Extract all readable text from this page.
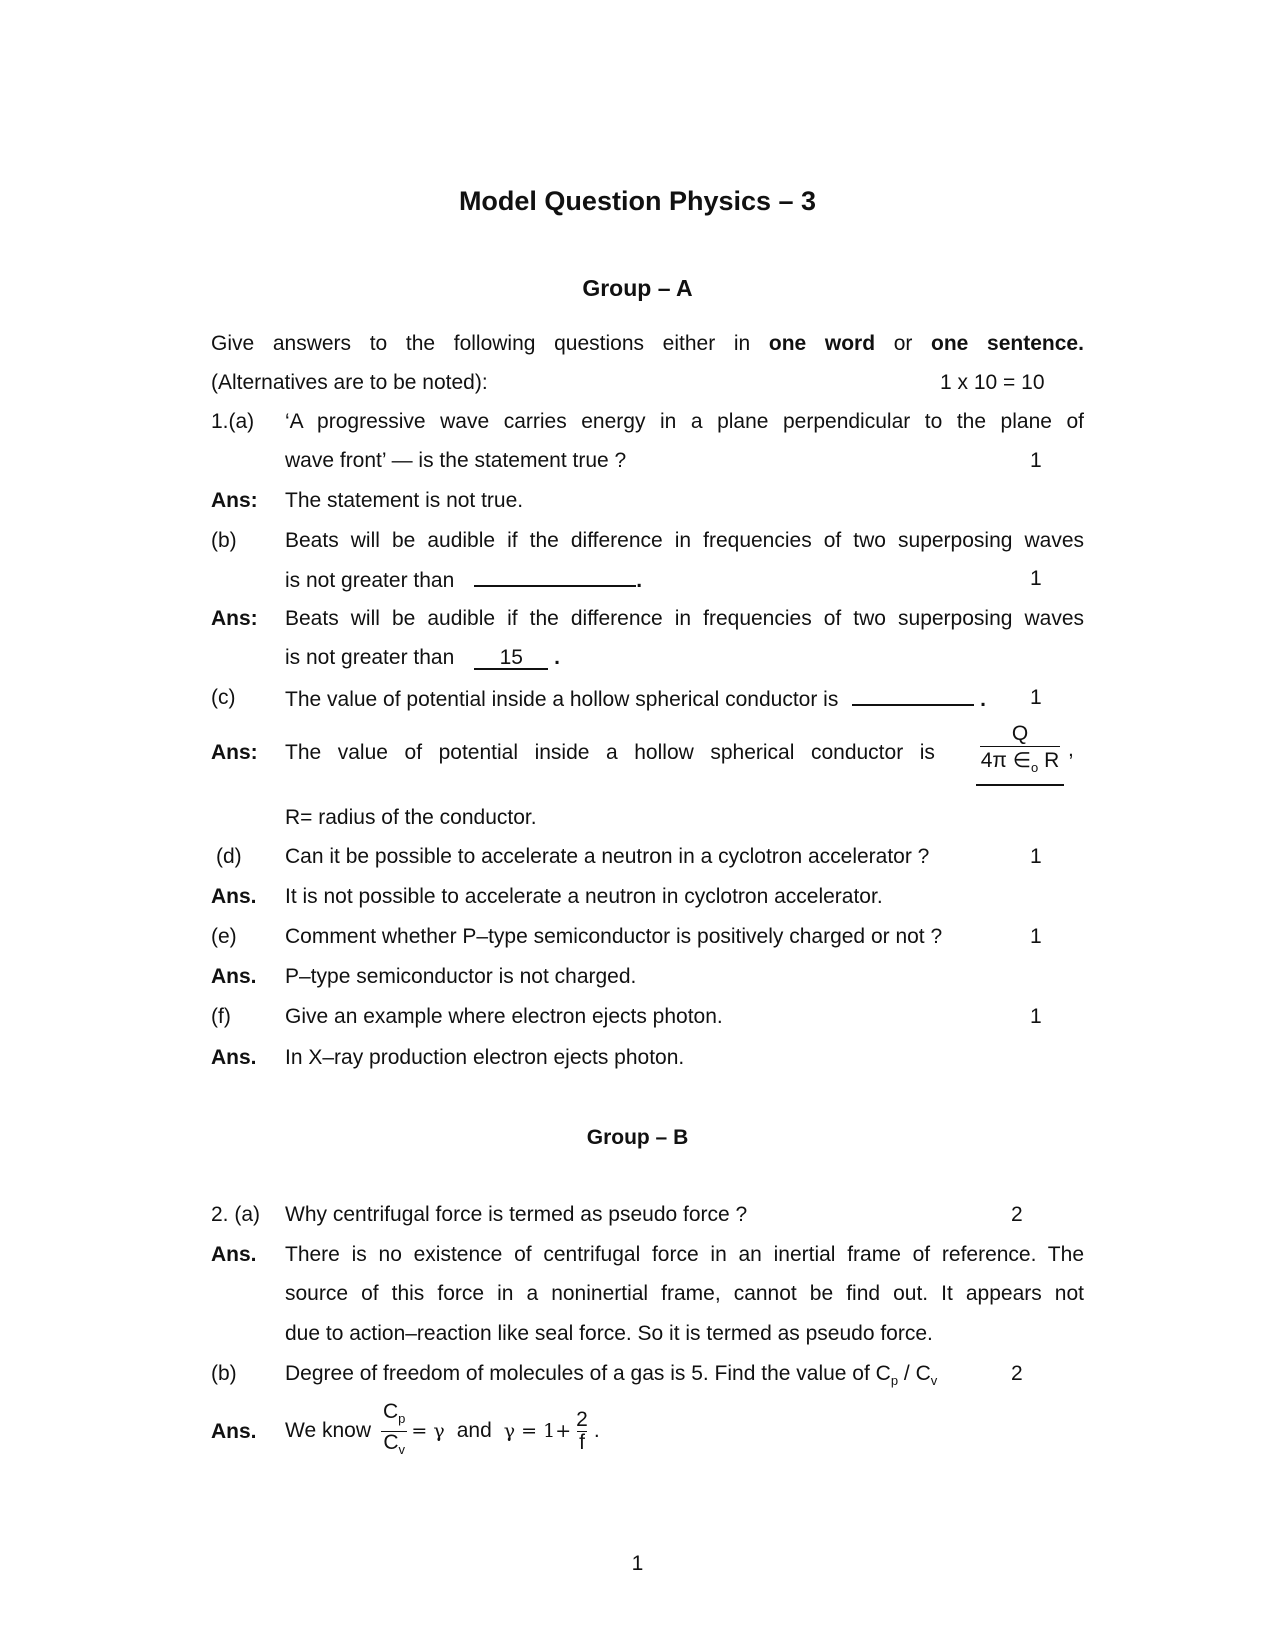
Model Question Physics – 3
Group – A
Give answers to the following questions either in one word or one sentence.
(Alternatives are to be noted):	1 x 10 = 10
1.(a) ‘A progressive wave carries energy in a plane perpendicular to the plane of
wave front’ — is the statement true ?	1
Ans: The statement is not true.
(b) Beats will be audible if the difference in frequencies of two superposing waves
is not greater than	.	1
Ans: Beats will be audible if the difference in frequencies of two superposing waves
is not greater than 15 .
(c) The value of potential inside a hollow spherical conductor is	. 1
Ans: The value of potential inside a hollow spherical conductor is
Q
4π $\in_o$ R ,
R= radius of the conductor.
(d) Can it be possible to accelerate a neutron in a cyclotron accelerator ?	1
Ans. It is not possible to accelerate a neutron in cyclotron accelerator.
(e) Comment whether P–type semiconductor is positively charged or not ?	1
Ans. P–type semiconductor is not charged.
(f)	Give an example where electron ejects photon.	1
Ans. In X–ray production electron ejects photon.
Group – B
2. (a) Why centrifugal force is termed as pseudo force ?	2
Ans. There is no existence of centrifugal force in an inertial frame of reference. The
source of this force in a noninertial frame, cannot be find out. It appears not
due to action–reaction like seal force. So it is termed as pseudo force.
(b) Degree of freedom of molecules of a gas is 5. Find the value of $C_p / C_v$	2
Ans. We know $\frac{C_p}{C_v} = \gamma$ and $\gamma = 1+ \frac{2}{f}$ .
1
